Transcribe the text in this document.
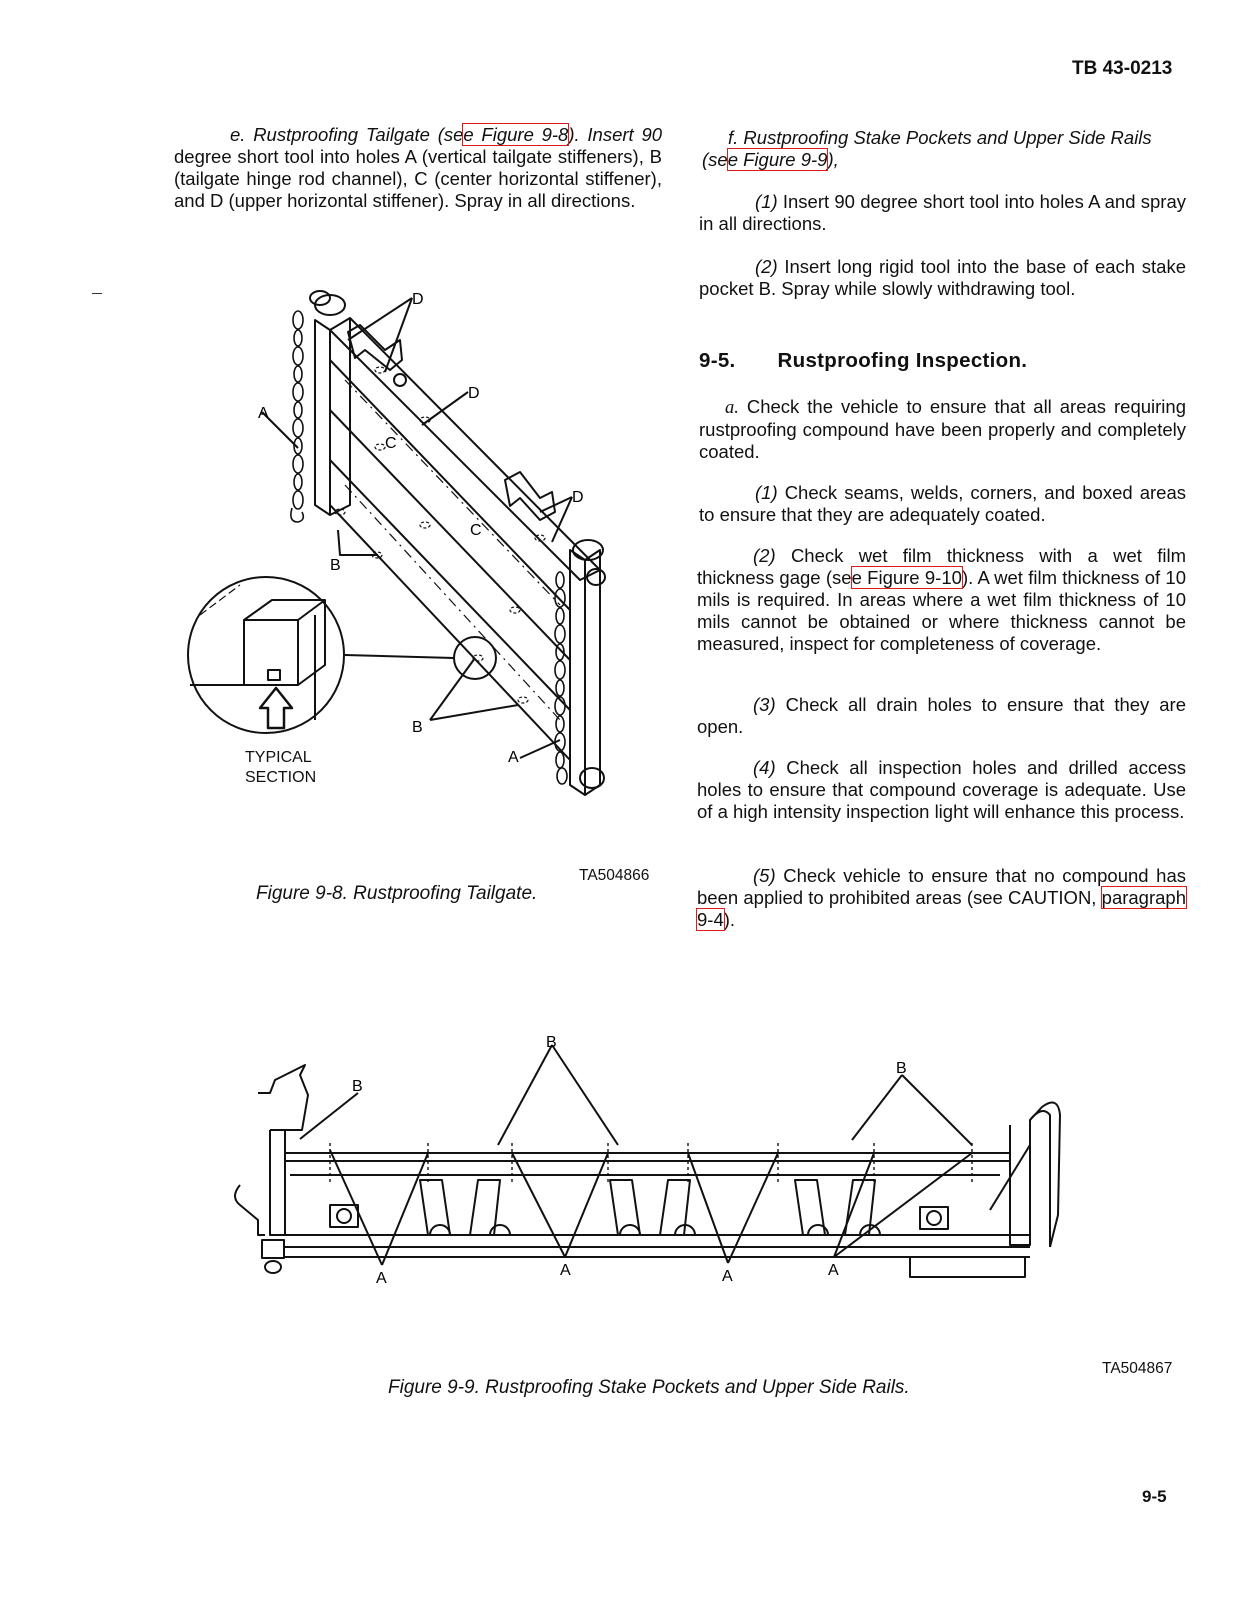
TB 43-0213
e. Rustproofing Tailgate (see Figure 9-8). Insert 90 degree short tool into holes A (vertical tailgate stiffeners), B (tailgate hinge rod channel), C (center horizontal stiffener), and D (upper horizontal stiffener). Spray in all directions.
D
D
A
C
C
D
B
B
A
TYPICAL
SECTION
TA504866
Figure 9-8. Rustproofing Tailgate.
f. Rustproofing Stake Pockets and Upper Side Rails
(see Figure 9-9),
(1) Insert 90 degree short tool into holes A and spray in all directions.
(2) Insert long rigid tool into the base of each stake pocket B. Spray while slowly withdrawing tool.
9-5. Rustproofing Inspection.
a. Check the vehicle to ensure that all areas requiring rustproofing compound have been properly and completely coated.
(1) Check seams, welds, corners, and boxed areas to ensure that they are adequately coated.
(2) Check wet film thickness with a wet film thickness gage (see Figure 9-10). A wet film thickness of 10 mils is required. In areas where a wet film thickness of 10 mils cannot be obtained or where thickness cannot be measured, inspect for completeness of coverage.
(3) Check all drain holes to ensure that they are open.
(4) Check all inspection holes and drilled access holes to ensure that compound coverage is adequate. Use of a high intensity inspection light will enhance this process.
(5) Check vehicle to ensure that no compound has been applied to prohibited areas (see CAUTION, paragraph 9-4).
B
B
B
A	A	A	A
TA504867
Figure 9-9. Rustproofing Stake Pockets and Upper Side Rails.
9-5
